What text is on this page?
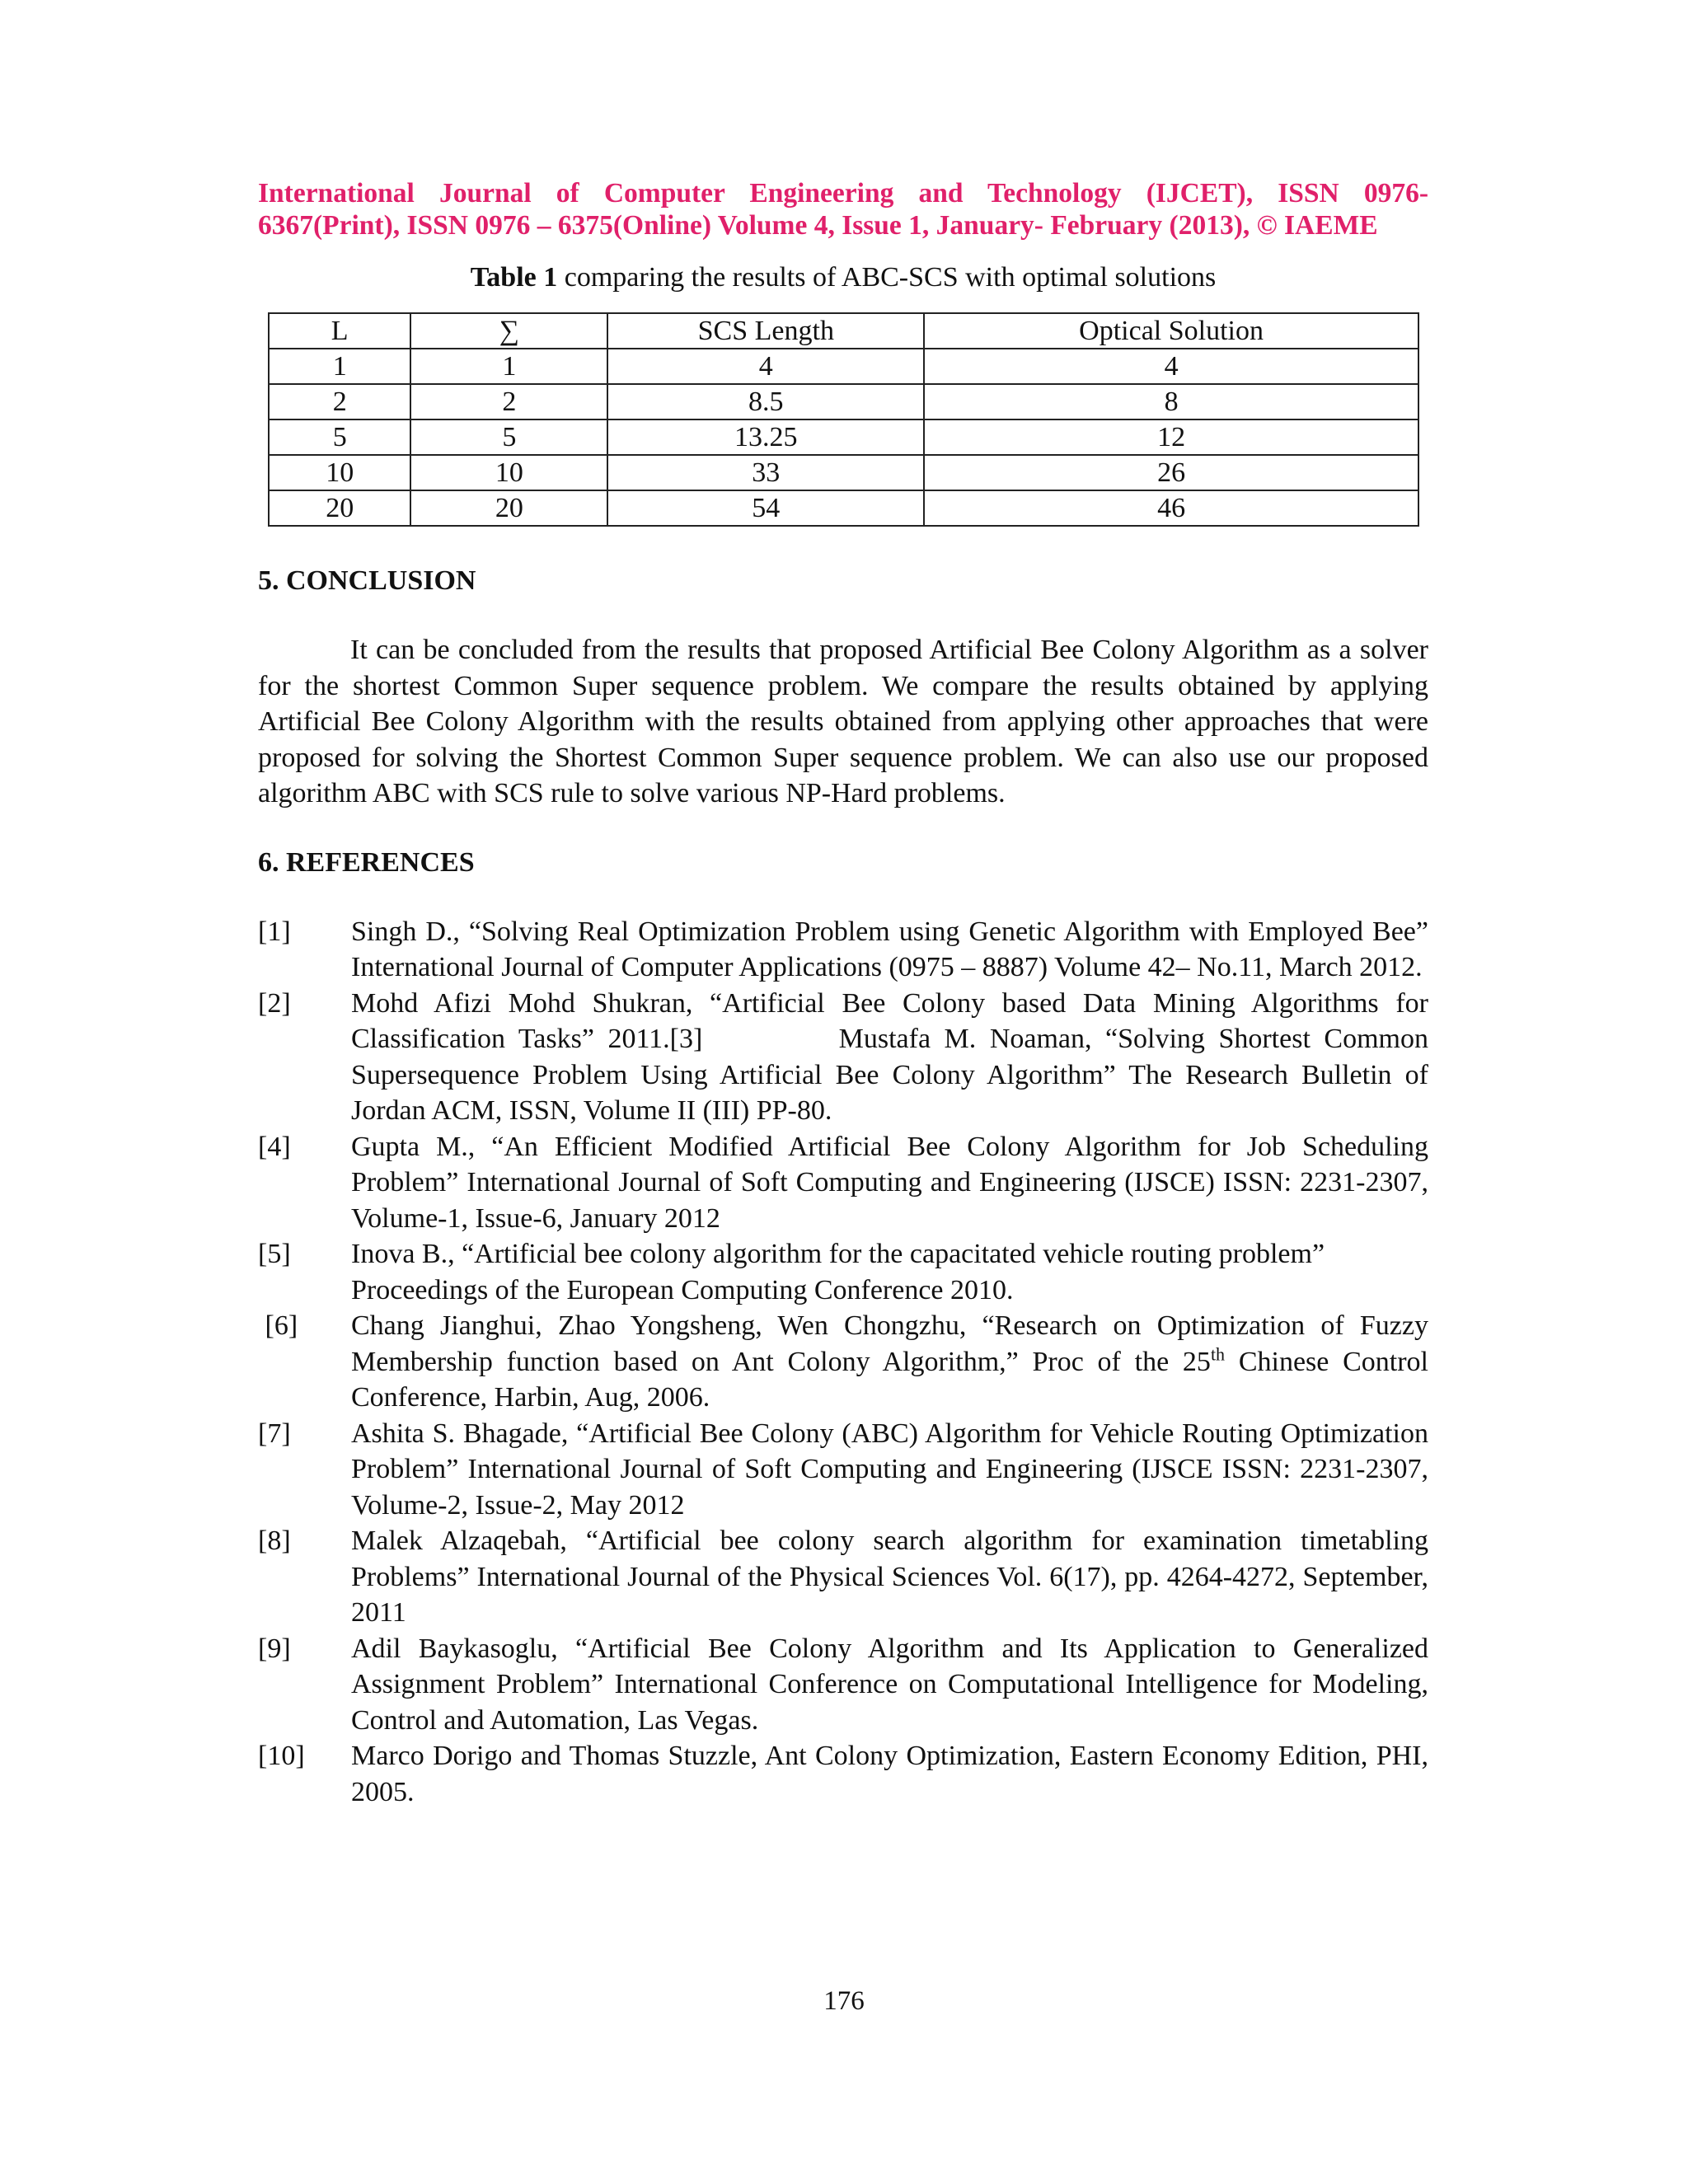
International Journal of Computer Engineering and Technology (IJCET), ISSN 0976-
6367(Print), ISSN 0976 – 6375(Online) Volume 4, Issue 1, January- February (2013), © IAEME
Table 1 comparing the results of ABC-SCS with optimal solutions
L	∑	SCS Length	Optical Solution
1	1	4	4
2	2	8.5	8
5	5	13.25	12
10	10	33	26
20	20	54	46
5. CONCLUSION

It can be concluded from the results that proposed Artificial Bee Colony Algorithm as a solver for the shortest Common Super sequence problem. We compare the results obtained by applying Artificial Bee Colony Algorithm with the results obtained from applying other approaches that were proposed for solving the Shortest Common Super sequence problem. We can also use our proposed algorithm ABC with SCS rule to solve various NP-Hard problems.

6. REFERENCES
[1]	Singh D., “Solving Real Optimization Problem using Genetic Algorithm with Employed Bee” International Journal of Computer Applications (0975 – 8887) Volume 42– No.11, March 2012.
[2]	Mohd Afizi Mohd Shukran, “Artificial Bee Colony based Data Mining Algorithms for Classification Tasks” 2011.[3]          Mustafa M. Noaman, “Solving Shortest Common Supersequence Problem Using Artificial Bee Colony Algorithm” The Research Bulletin of Jordan ACM, ISSN, Volume II (III) PP-80.
[4]	Gupta M., “An Efficient Modified Artificial Bee Colony Algorithm for Job Scheduling Problem” International Journal of Soft Computing and Engineering (IJSCE) ISSN: 2231-2307, Volume-1, Issue-6, January 2012
[5]	Inova B., “Artificial bee colony algorithm for the capacitated vehicle routing problem” Proceedings of the European Computing Conference 2010.
[6]	Chang Jianghui, Zhao Yongsheng, Wen Chongzhu, “Research on Optimization of Fuzzy Membership function based on Ant Colony Algorithm,” Proc of the 25th Chinese Control Conference, Harbin, Aug, 2006.
[7]	Ashita S. Bhagade, “Artificial Bee Colony (ABC) Algorithm for Vehicle Routing Optimization Problem” International Journal of Soft Computing and Engineering (IJSCE ISSN: 2231-2307, Volume-2, Issue-2, May 2012
[8]	Malek Alzaqebah, “Artificial bee colony search algorithm for examination timetabling Problems” International Journal of the Physical Sciences Vol. 6(17), pp. 4264-4272, September, 2011
[9]	Adil Baykasoglu, “Artificial Bee Colony Algorithm and Its Application to Generalized Assignment Problem” International Conference on Computational Intelligence for Modeling, Control and Automation, Las Vegas.
[10]	Marco Dorigo and Thomas Stuzzle, Ant Colony Optimization, Eastern Economy Edition, PHI, 2005.
176
